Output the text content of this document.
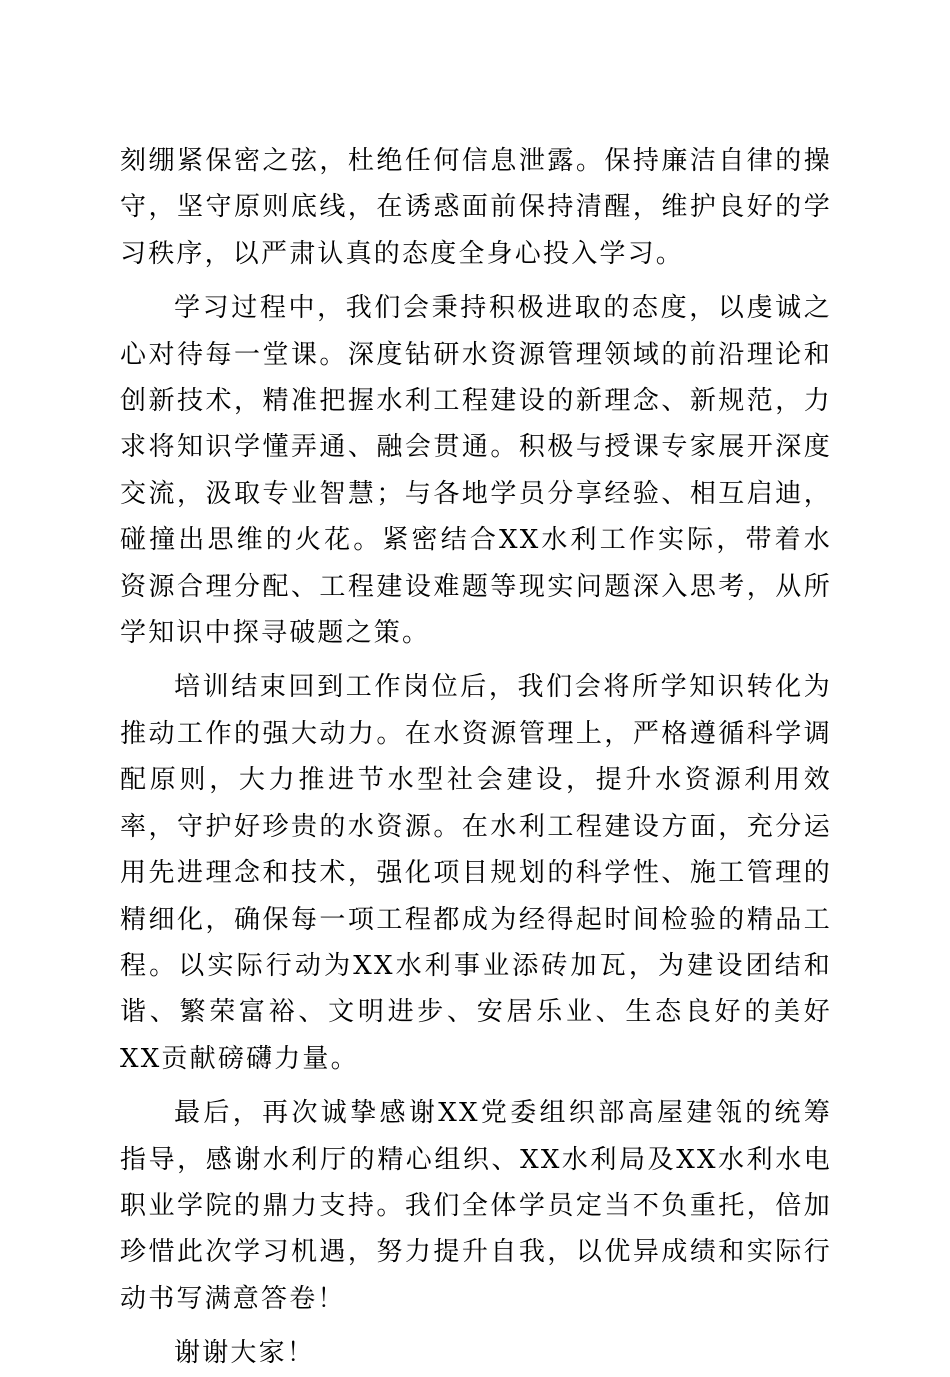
刻绷紧保密之弦，杜绝任何信息泄露。保持廉洁自律的操守，坚守原则底线，在诱惑面前保持清醒，维护良好的学习秩序，以严肃认真的态度全身心投入学习。

学习过程中，我们会秉持积极进取的态度，以虔诚之心对待每一堂课。深度钻研水资源管理领域的前沿理论和创新技术，精准把握水利工程建设的新理念、新规范，力求将知识学懂弄通、融会贯通。积极与授课专家展开深度交流，汲取专业智慧；与各地学员分享经验、相互启迪，碰撞出思维的火花。紧密结合XX水利工作实际，带着水资源合理分配、工程建设难题等现实问题深入思考，从所学知识中探寻破题之策。

培训结束回到工作岗位后，我们会将所学知识转化为推动工作的强大动力。在水资源管理上，严格遵循科学调配原则，大力推进节水型社会建设，提升水资源利用效率，守护好珍贵的水资源。在水利工程建设方面，充分运用先进理念和技术，强化项目规划的科学性、施工管理的精细化，确保每一项工程都成为经得起时间检验的精品工程。以实际行动为XX水利事业添砖加瓦，为建设团结和谐、繁荣富裕、文明进步、安居乐业、生态良好的美好XX贡献磅礴力量。

最后，再次诚挚感谢XX党委组织部高屋建瓴的统筹指导，感谢水利厅的精心组织、XX水利局及XX水利水电职业学院的鼎力支持。我们全体学员定当不负重托，倍加珍惜此次学习机遇，努力提升自我，以优异成绩和实际行动书写满意答卷！

谢谢大家！
